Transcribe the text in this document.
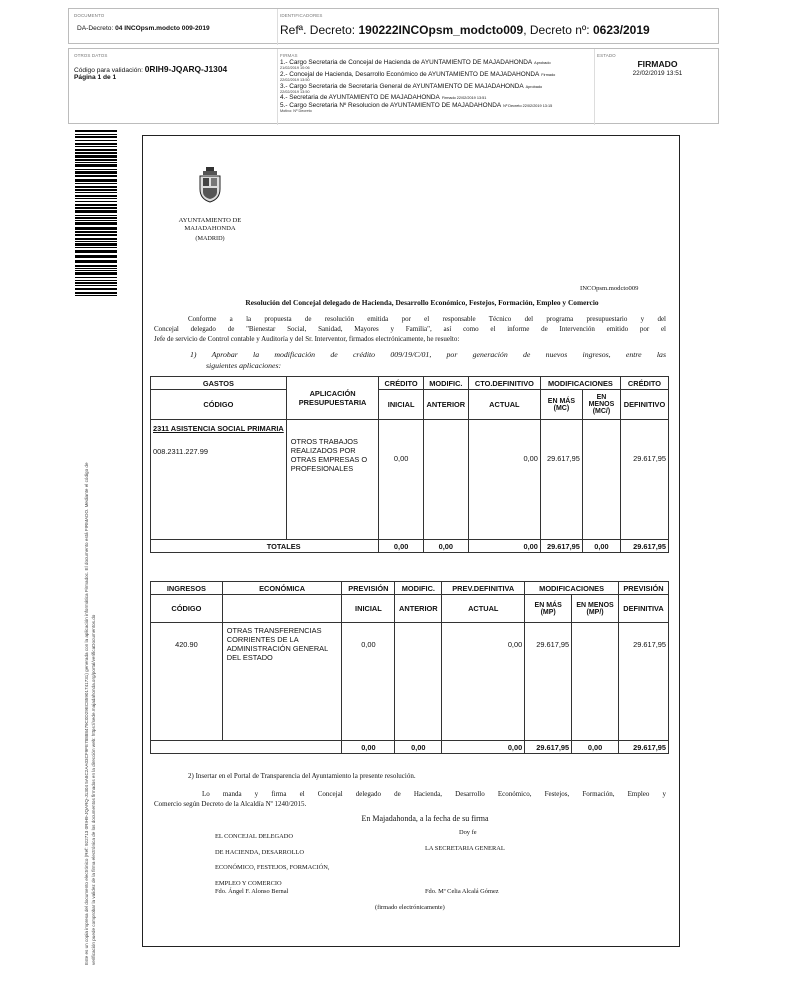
DOCUMENTO
DA-Decreto: 04 INCOpsm.modcto 009-2019
IDENTIFICADORES
Refª. Decreto: 190222INCOpsm_modcto009, Decreto nº: 0623/2019
OTROS DATOS
Código para validación: 0RIH9-JQARQ-J1304
Página 1 de 1
FIRMAS
1.- Cargo Secretaria de Concejal de Hacienda de AYUNTAMIENTO DE MAJADAHONDA Aprobado
21/02/2019 10:06
2.- Concejal de Hacienda, Desarrollo Económico de AYUNTAMIENTO DE MAJADAHONDA Firmado
22/02/2019 13:50
3.- Cargo Secretaria de Secretaría General de AYUNTAMIENTO DE MAJADAHONDA Aprobado
22/02/2019 13:50
4.- Secretaria de AYUNTAMIENTO DE MAJADAHONDA Firmado 22/02/2019 13:51
5.- Cargo Secretaria Nº Resolucion de AYUNTAMIENTO DE MAJADAHONDA Nº Decreto 22/02/2019 13:15
Motivo: Nº Decreto
ESTADO
FIRMADO
22/02/2019 13:51
Este es un copia impresa del documento electrónico (Ref: 922713 0RIH9-JQARQ-J1304 5A8C2AA03CF9FE78888479C0D29EC85901741731) generada con la aplicación informática Firmadoc. El documento está FIRMADO. Mediante el código de verificación puede comprobar la validez de la firma electrónica de los documentos firmados en la dirección web: https://sede.majadahonda.org/portal/verificaDocumentos.do
AYUNTAMIENTO DE
MAJADAHONDA
(MADRID)
INCOpsm.modcto009
Resolución del Concejal delegado de Hacienda, Desarrollo Económico, Festejos, Formación, Empleo y Comercio
Conforme a la propuesta de resolución emitida por el responsable Técnico del programa presupuestario y del
Concejal delegado de "Bienestar Social, Sanidad, Mayores y Familia", así como el informe de Intervención emitido por el
Jefe de servicio de Control contable y Auditoría y del Sr. Interventor, firmados electrónicamente, he resuelto:
1) Aprobar la modificación de crédito 009/19/C/01, por generación de nuevos ingresos, entre las
siguientes aplicaciones:
GASTOS	APLICACIÓN PRESUPUESTARIA	CRÉDITO	MODIFIC.	CTO.DEFINITIVO	MODIFICACIONES		CRÉDITO
CÓDIGO		INICIAL	ANTERIOR	ACTUAL	EN MÁS (MC)	EN MENOS (MC/)	DEFINITIVO

2311 ASISTENCIA SOCIAL PRIMARIA
008.2311.227.99	OTROS TRABAJOS REALIZADOS POR OTRAS EMPRESAS O PROFESIONALES	0,00		0,00	29.617,95		29.617,95
TOTALES		0,00	0,00	0,00	29.617,95	0,00	29.617,95
INGRESOS	ECONÓMICA	PREVISIÓN	MODIFIC.	PREV.DEFINITIVA	MODIFICACIONES		PREVISIÓN
CÓDIGO		INICIAL	ANTERIOR	ACTUAL	EN MÁS (MP)	EN MENOS (MP/)	DEFINITIVA
420.90	OTRAS TRANSFERENCIAS CORRIENTES DE LA ADMINISTRACIÓN GENERAL DEL ESTADO	0,00		0,00	29.617,95		29.617,95
		0,00	0,00	0,00	29.617,95	0,00	29.617,95
2) Insertar en el Portal de Transparencia del Ayuntamiento la presente resolución.
Lo manda y firma el Concejal delegado de Hacienda, Desarrollo Económico, Festejos, Formación, Empleo y
Comercio según Decreto de la Alcaldía Nº 1240/2015.
En Majadahonda, a la fecha de su firma
EL CONCEJAL DELEGADO
DE HACIENDA, DESARROLLO
ECONÓMICO, FESTEJOS, FORMACIÓN,
EMPLEO Y COMERCIO
Doy fe
LA SECRETARIA GENERAL
Fdo. Ángel F. Alonso Bernal	Fdo. Mª Celia Alcalá Gómez
(firmado electrónicamente)
